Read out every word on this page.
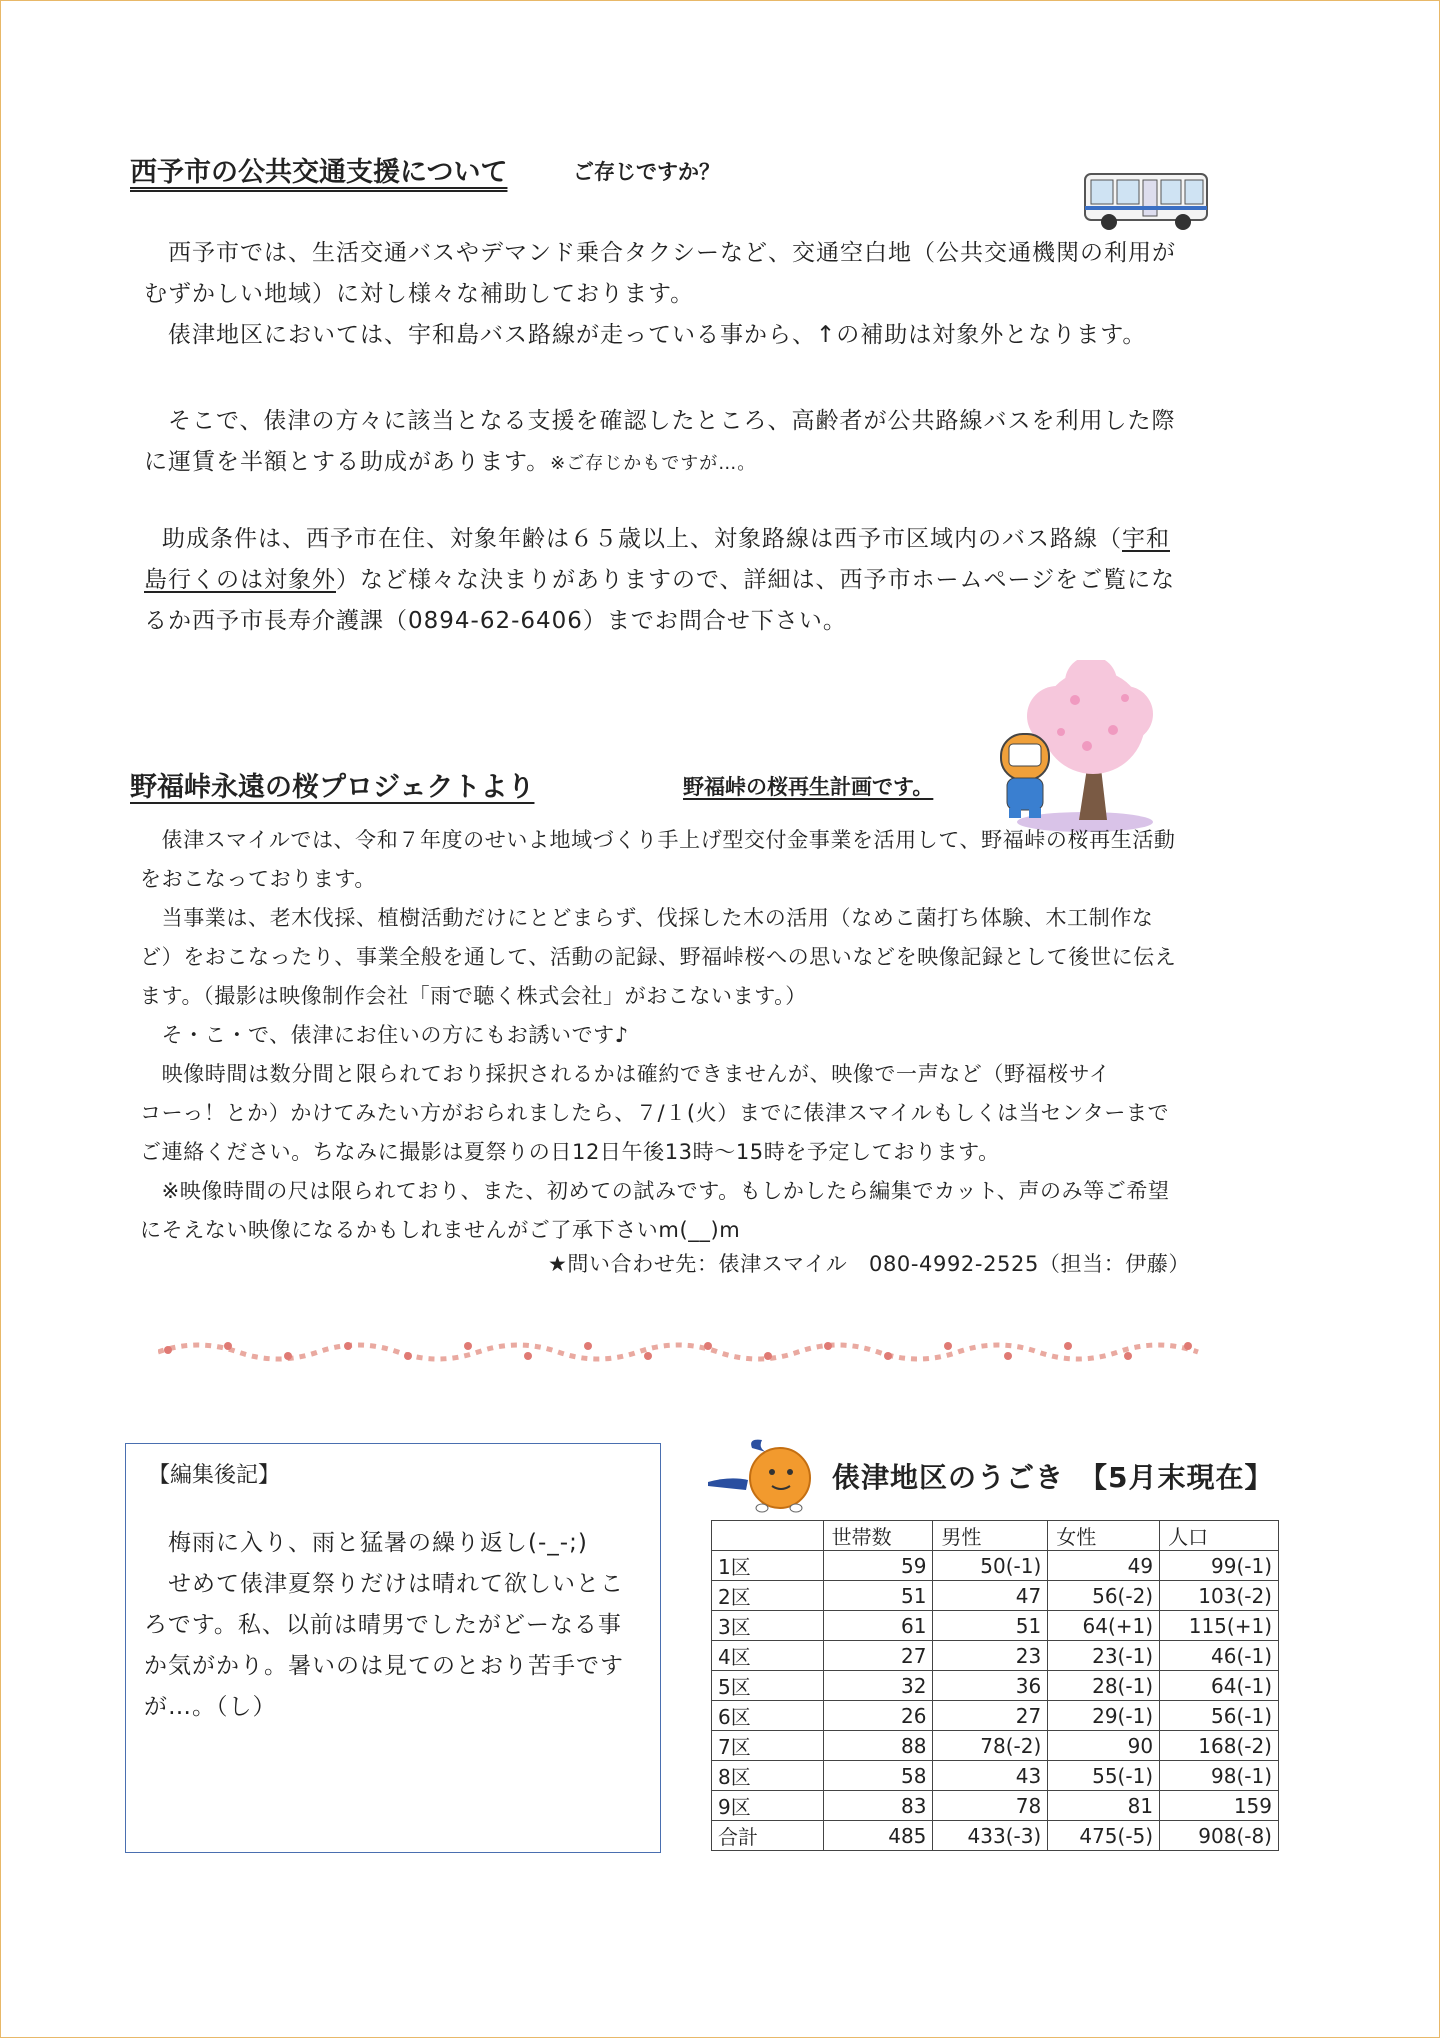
西予市の公共交通支援について	ご存じですか？
西予市では、生活交通バスやデマンド乗合タクシーなど、交通空白地（公共交通機関の利用が
むずかしい地域）に対し様々な補助しております。
俵津地区においては、宇和島バス路線が走っている事から、↑の補助は対象外となります。
そこで、俵津の方々に該当となる支援を確認したところ、高齢者が公共路線バスを利用した際
に運賃を半額とする助成があります。※ご存じかもですが…。
助成条件は、西予市在住、対象年齢は６５歳以上、対象路線は西予市区域内のバス路線（宇和
島行くのは対象外）など様々な決まりがありますので、詳細は、西予市ホームページをご覧にな
るか西予市長寿介護課（0894-62-6406）までお問合せ下さい。
野福峠永遠の桜プロジェクトより	野福峠の桜再生計画です。
　俵津スマイルでは、令和７年度のせいよ地域づくり手上げ型交付金事業を活用して、野福峠の桜再生活動
をおこなっております。
　当事業は、老木伐採、植樹活動だけにとどまらず、伐採した木の活用（なめこ菌打ち体験、木工制作な
ど）をおこなったり、事業全般を通して、活動の記録、野福峠桜への思いなどを映像記録として後世に伝え
ます。（撮影は映像制作会社「雨で聴く株式会社」がおこないます。）
　そ・こ・で、俵津にお住いの方にもお誘いです♪
　映像時間は数分間と限られており採択されるかは確約できませんが、映像で一声など（野福桜サイ
コーっ！とか）かけてみたい方がおられましたら、７/１(火）までに俵津スマイルもしくは当センターまで
ご連絡ください。ちなみに撮影は夏祭りの日12日午後13時～15時を予定しております。
　※映像時間の尺は限られており、また、初めての試みです。もしかしたら編集でカット、声のみ等ご希望
にそえない映像になるかもしれませんがご了承下さいm(__)m
★問い合わせ先：俵津スマイル　080-4992-2525（担当：伊藤）
【編集後記】
　梅雨に入り、雨と猛暑の繰り返し(-_-;)
　せめて俵津夏祭りだけは晴れて欲しいとこ
ろです。私、以前は晴男でしたがどーなる事
か気がかり。暑いのは見てのとおり苦手です
が…。（し）
俵津地区のうごき　【5月末現在】
	世帯数	男性	女性	人口
1区	59	50(-1)	49	99(-1)
2区	51	47	56(-2)	103(-2)
3区	61	51	64(+1)	115(+1)
4区	27	23	23(-1)	46(-1)
5区	32	36	28(-1)	64(-1)
6区	26	27	29(-1)	56(-1)
7区	88	78(-2)	90	168(-2)
8区	58	43	55(-1)	98(-1)
9区	83	78	81	159
合計	485	433(-3)	475(-5)	908(-8)
